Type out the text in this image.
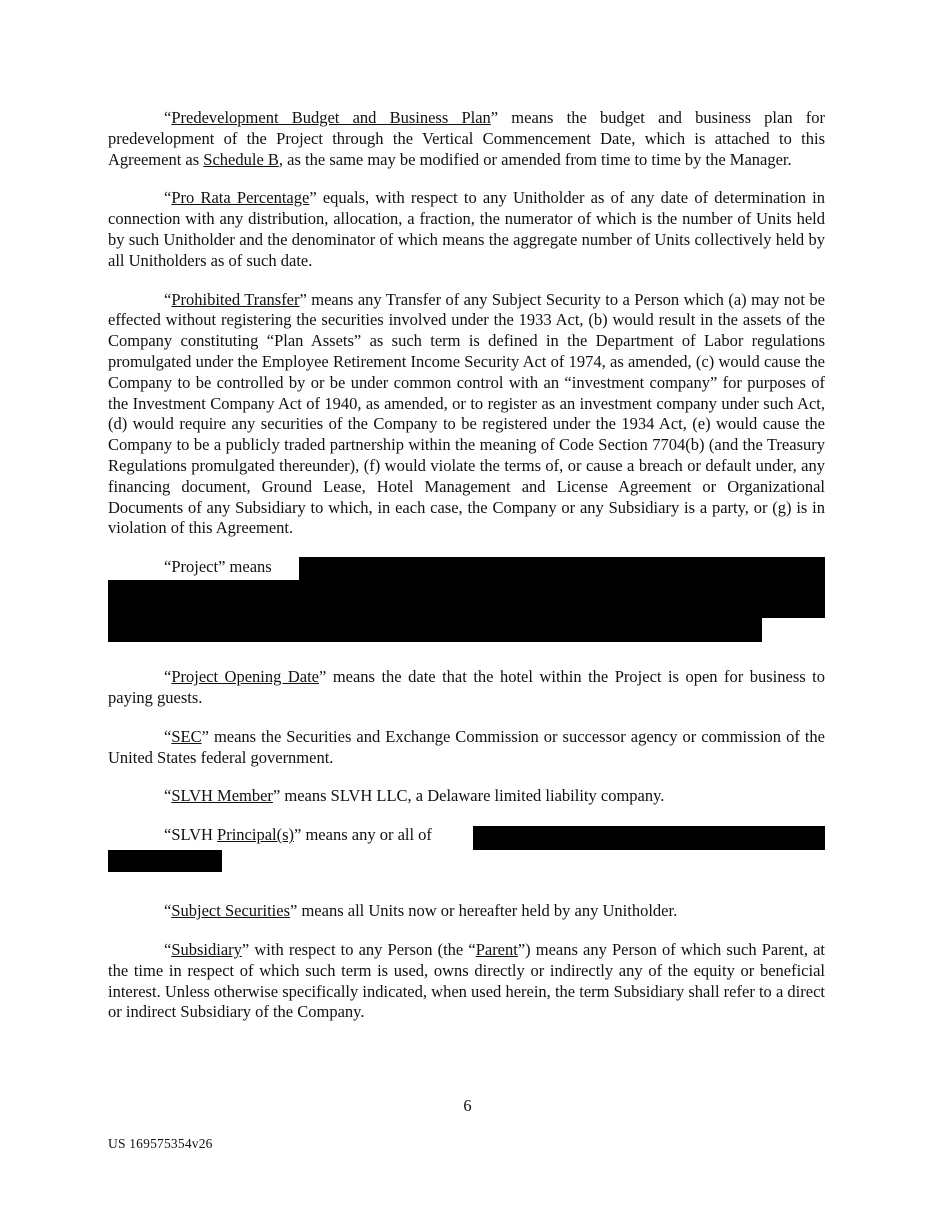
“Predevelopment Budget and Business Plan” means the budget and business plan for predevelopment of the Project through the Vertical Commencement Date, which is attached to this Agreement as Schedule B, as the same may be modified or amended from time to time by the Manager.

“Pro Rata Percentage” equals, with respect to any Unitholder as of any date of determination in connection with any distribution, allocation, a fraction, the numerator of which is the number of Units held by such Unitholder and the denominator of which means the aggregate number of Units collectively held by all Unitholders as of such date.

“Prohibited Transfer” means any Transfer of any Subject Security to a Person which (a) may not be effected without registering the securities involved under the 1933 Act, (b) would result in the assets of the Company constituting “Plan Assets” as such term is defined in the Department of Labor regulations promulgated under the Employee Retirement Income Security Act of 1974, as amended, (c) would cause the Company to be controlled by or be under common control with an “investment company” for purposes of the Investment Company Act of 1940, as amended, or to register as an investment company under such Act, (d) would require any securities of the Company to be registered under the 1934 Act, (e) would cause the Company to be a publicly traded partnership within the meaning of Code Section 7704(b) (and the Treasury Regulations promulgated thereunder), (f) would violate the terms of, or cause a breach or default under, any financing document, Ground Lease, Hotel Management and License Agreement or Organizational Documents of any Subsidiary to which, in each case, the Company or any Subsidiary is a party, or (g) is in violation of this Agreement.

“Project” means

“Project Opening Date” means the date that the hotel within the Project is open for business to paying guests.

“SEC” means the Securities and Exchange Commission or successor agency or commission of the United States federal government.

“SLVH Member” means SLVH LLC, a Delaware limited liability company.

“SLVH Principal(s)” means any or all of

“Subject Securities” means all Units now or hereafter held by any Unitholder.

“Subsidiary” with respect to any Person (the “Parent”) means any Person of which such Parent, at the time in respect of which such term is used, owns directly or indirectly any of the equity or beneficial interest. Unless otherwise specifically indicated, when used herein, the term Subsidiary shall refer to a direct or indirect Subsidiary of the Company.

6
US 169575354v26
